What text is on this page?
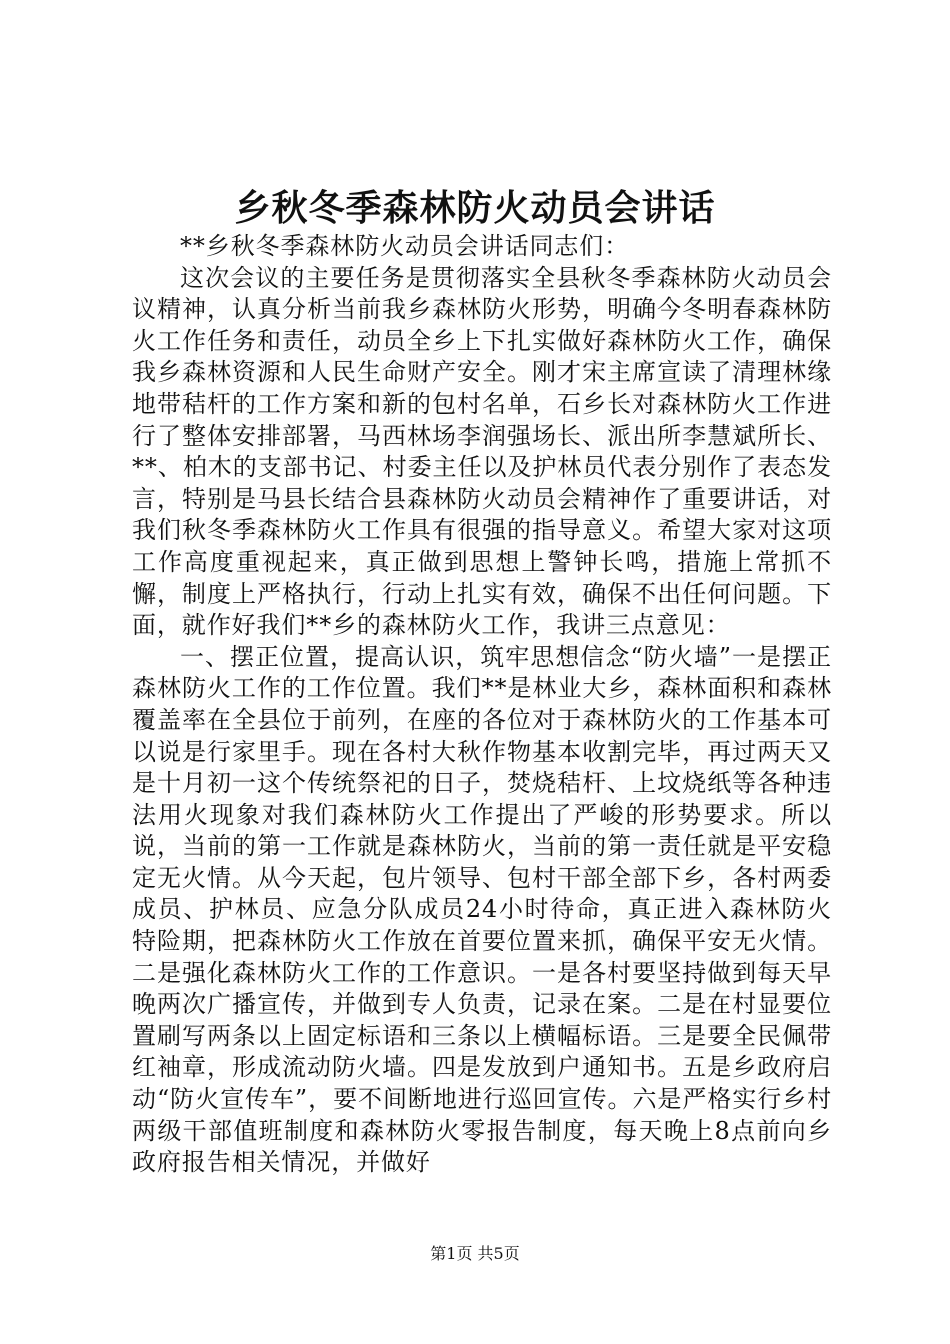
乡秋冬季森林防火动员会讲话

**乡秋冬季森林防火动员会讲话同志们：

这次会议的主要任务是贯彻落实全县秋冬季森林防火动员会议精神，认真分析当前我乡森林防火形势，明确今冬明春森林防火工作任务和责任，动员全乡上下扎实做好森林防火工作，确保我乡森林资源和人民生命财产安全。刚才宋主席宣读了清理林缘地带秸杆的工作方案和新的包村名单，石乡长对森林防火工作进行了整体安排部署，马西林场李润强场长、派出所李慧斌所长、**、柏木的支部书记、村委主任以及护林员代表分别作了表态发言，特别是马县长结合县森林防火动员会精神作了重要讲话，对我们秋冬季森林防火工作具有很强的指导意义。希望大家对这项工作高度重视起来，真正做到思想上警钟长鸣，措施上常抓不懈，制度上严格执行，行动上扎实有效，确保不出任何问题。下面，就作好我们**乡的森林防火工作，我讲三点意见：

一、摆正位置，提高认识，筑牢思想信念“防火墙”一是摆正森林防火工作的工作位置。我们**是林业大乡，森林面积和森林覆盖率在全县位于前列，在座的各位对于森林防火的工作基本可以说是行家里手。现在各村大秋作物基本收割完毕，再过两天又是十月初一这个传统祭祀的日子，焚烧秸杆、上坟烧纸等各种违法用火现象对我们森林防火工作提出了严峻的形势要求。所以说，当前的第一工作就是森林防火，当前的第一责任就是平安稳定无火情。从今天起，包片领导、包村干部全部下乡，各村两委成员、护林员、应急分队成员24小时待命，真正进入森林防火特险期，把森林防火工作放在首要位置来抓，确保平安无火情。二是强化森林防火工作的工作意识。一是各村要坚持做到每天早晚两次广播宣传，并做到专人负责，记录在案。二是在村显要位置刷写两条以上固定标语和三条以上横幅标语。三是要全民佩带红袖章，形成流动防火墙。四是发放到户通知书。五是乡政府启动“防火宣传车”，要不间断地进行巡回宣传。六是严格实行乡村两级干部值班制度和森林防火零报告制度，每天晚上8点前向乡政府报告相关情况，并做好

第1页 共5页
